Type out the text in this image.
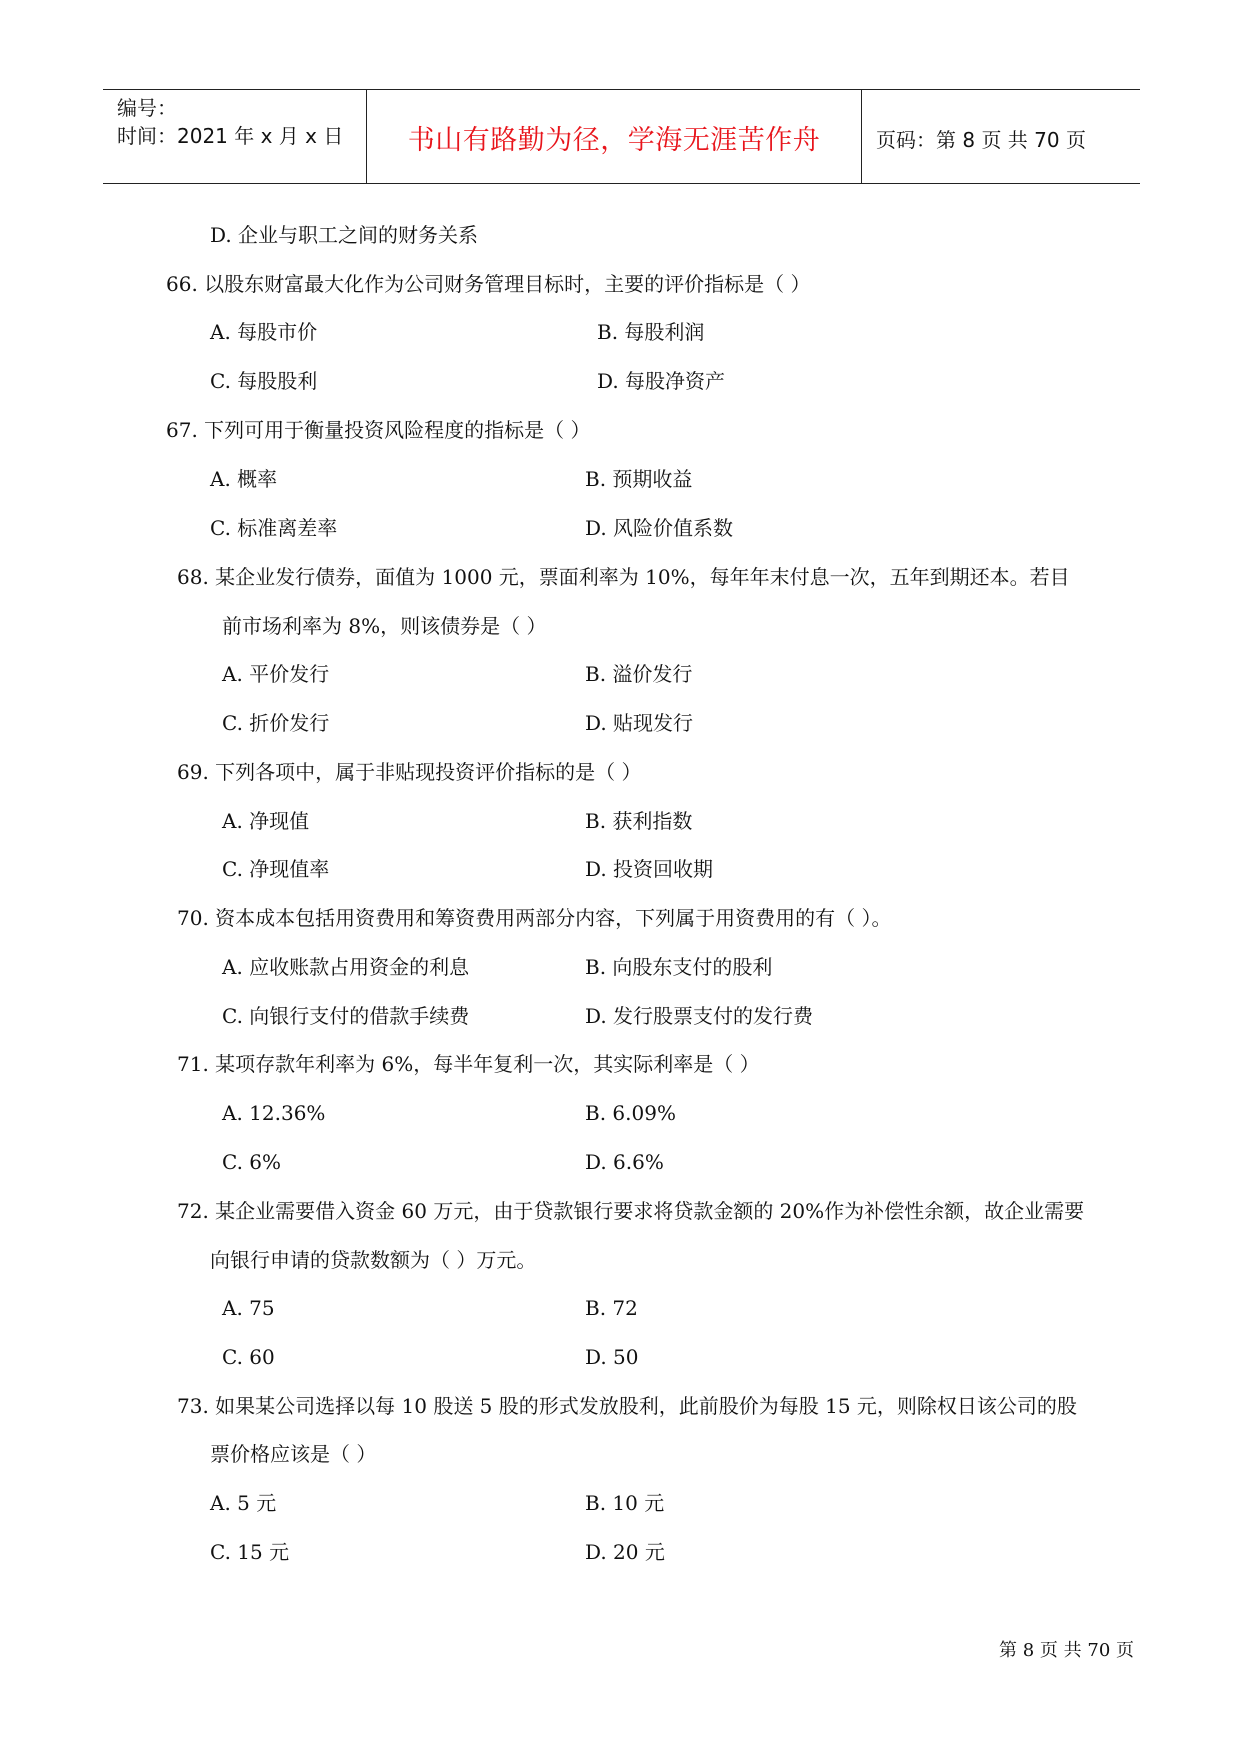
编号：
时间：2021 年 x 月 x 日	书山有路勤为径，学海无涯苦作舟	页码：第 8 页 共 70 页
D. 企业与职工之间的财务关系
66. 以股东财富最大化作为公司财务管理目标时，主要的评价指标是（ ）
A. 每股市价	B. 每股利润
C. 每股股利	D. 每股净资产
67. 下列可用于衡量投资风险程度的指标是（ ）
A. 概率	B. 预期收益
C. 标准离差率	D. 风险价值系数
68. 某企业发行债券，面值为 1000 元，票面利率为 10%，每年年末付息一次，五年到期还本。若目
前市场利率为 8%，则该债券是（ ）
A. 平价发行	B. 溢价发行
C. 折价发行	D. 贴现发行
69. 下列各项中，属于非贴现投资评价指标的是（ ）
A. 净现值	B. 获利指数
C. 净现值率	D. 投资回收期
70. 资本成本包括用资费用和筹资费用两部分内容，下列属于用资费用的有（ ）。
A. 应收账款占用资金的利息	B. 向股东支付的股利
C. 向银行支付的借款手续费	D. 发行股票支付的发行费
71. 某项存款年利率为 6%，每半年复利一次，其实际利率是（ ）
A. 12.36%	B. 6.09%
C. 6%	D. 6.6%
72. 某企业需要借入资金 60 万元，由于贷款银行要求将贷款金额的 20%作为补偿性余额，故企业需要
向银行申请的贷款数额为（ ）万元。
A. 75	B. 72
C. 60	D. 50
73. 如果某公司选择以每 10 股送 5 股的形式发放股利，此前股价为每股 15 元，则除权日该公司的股
票价格应该是（ ）
A. 5 元	B. 10 元
C. 15 元	D. 20 元
第 8 页 共 70 页
